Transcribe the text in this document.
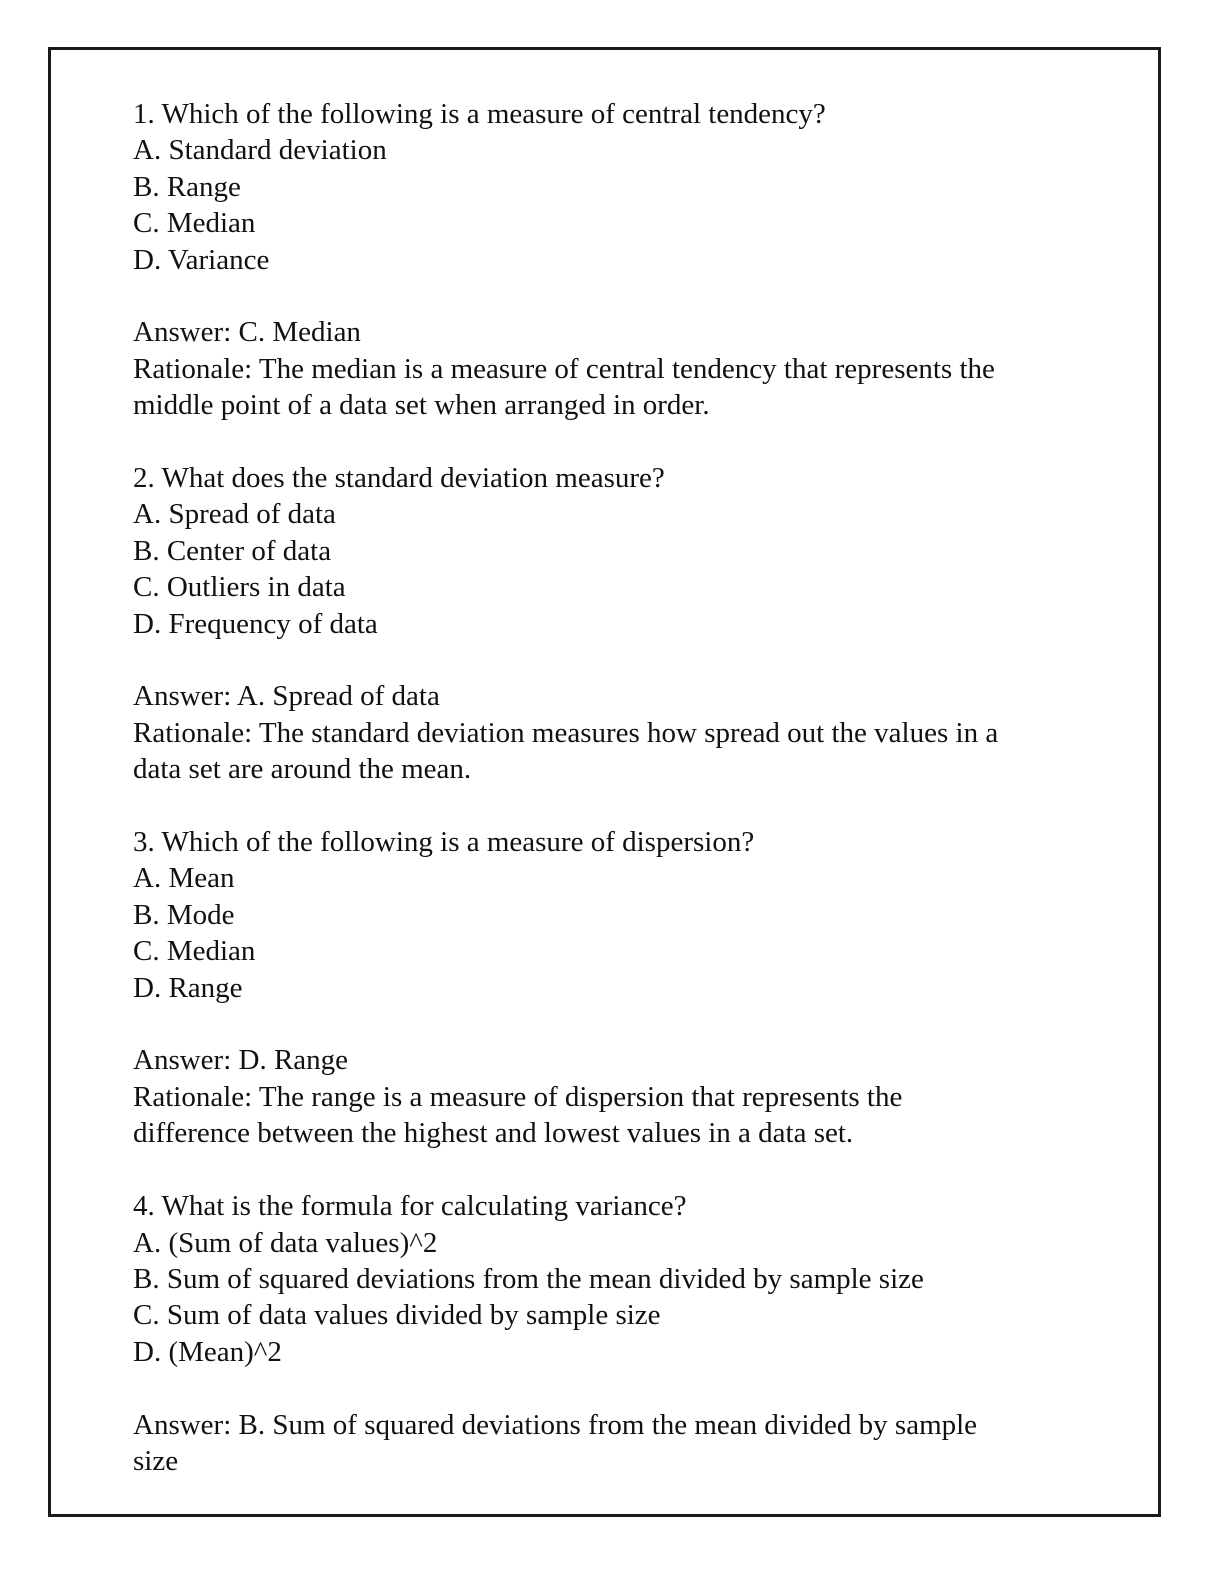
1. Which of the following is a measure of central tendency?
A. Standard deviation
B. Range
C. Median
D. Variance
Answer: C. Median
Rationale: The median is a measure of central tendency that represents the
middle point of a data set when arranged in order.
2. What does the standard deviation measure?
A. Spread of data
B. Center of data
C. Outliers in data
D. Frequency of data
Answer: A. Spread of data
Rationale: The standard deviation measures how spread out the values in a
data set are around the mean.
3. Which of the following is a measure of dispersion?
A. Mean
B. Mode
C. Median
D. Range
Answer: D. Range
Rationale: The range is a measure of dispersion that represents the
difference between the highest and lowest values in a data set.
4. What is the formula for calculating variance?
A. (Sum of data values)^2
B. Sum of squared deviations from the mean divided by sample size
C. Sum of data values divided by sample size
D. (Mean)^2
Answer: B. Sum of squared deviations from the mean divided by sample
size
